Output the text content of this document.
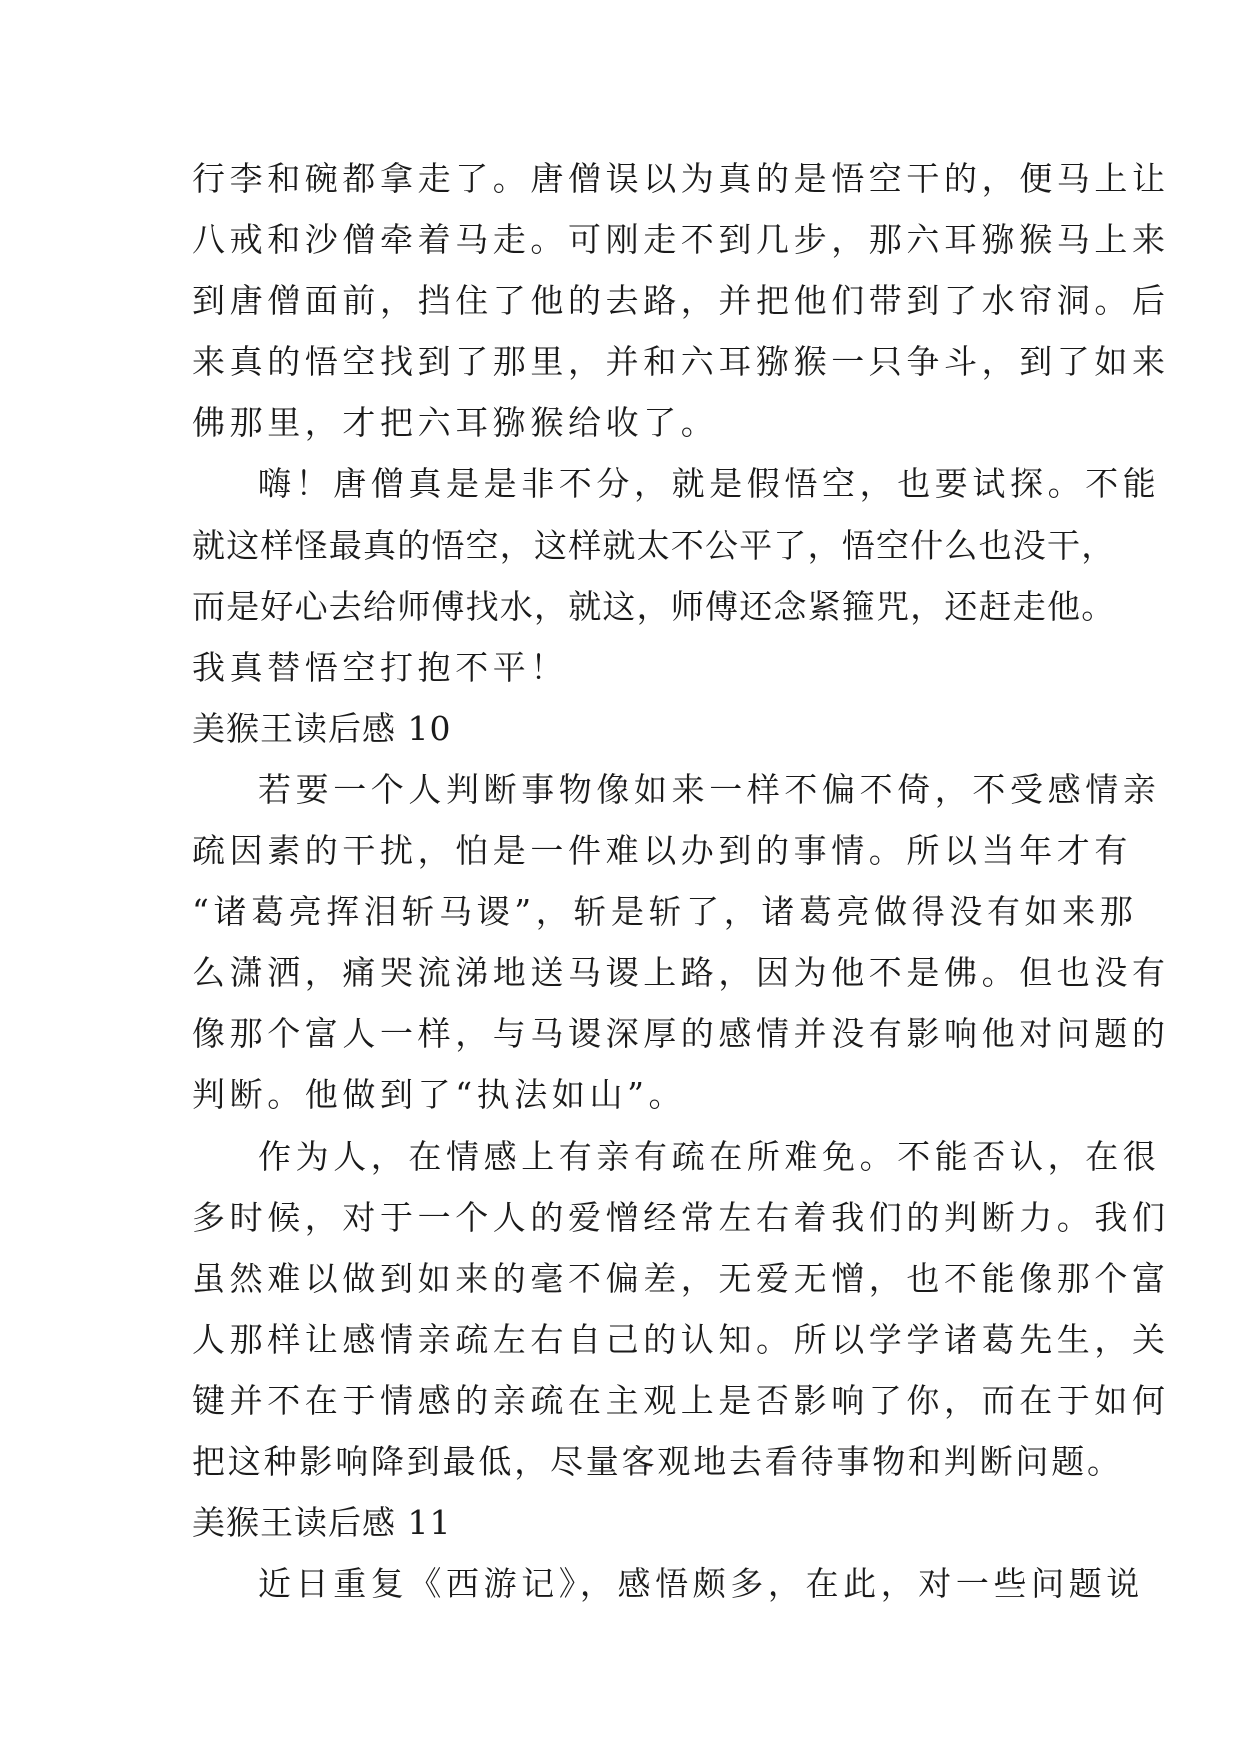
行李和碗都拿走了。唐僧误以为真的是悟空干的，便马上让
八戒和沙僧牵着马走。可刚走不到几步，那六耳猕猴马上来
到唐僧面前，挡住了他的去路，并把他们带到了水帘洞。后
来真的悟空找到了那里，并和六耳猕猴一只争斗，到了如来
佛那里，才把六耳猕猴给收了。
嗨！唐僧真是是非不分，就是假悟空，也要试探。不能
就这样怪最真的悟空，这样就太不公平了，悟空什么也没干，
而是好心去给师傅找水，就这，师傅还念紧箍咒，还赶走他。
我真替悟空打抱不平！
美猴王读后感 10
若要一个人判断事物像如来一样不偏不倚，不受感情亲
疏因素的干扰，怕是一件难以办到的事情。所以当年才有
“诸葛亮挥泪斩马谡”，斩是斩了，诸葛亮做得没有如来那
么潇洒，痛哭流涕地送马谡上路，因为他不是佛。但也没有
像那个富人一样，与马谡深厚的感情并没有影响他对问题的
判断。他做到了“执法如山”。
作为人，在情感上有亲有疏在所难免。不能否认，在很
多时候，对于一个人的爱憎经常左右着我们的判断力。我们
虽然难以做到如来的毫不偏差，无爱无憎，也不能像那个富
人那样让感情亲疏左右自己的认知。所以学学诸葛先生，关
键并不在于情感的亲疏在主观上是否影响了你，而在于如何
把这种影响降到最低，尽量客观地去看待事物和判断问题。
美猴王读后感 11
近日重复《西游记》，感悟颇多，在此，对一些问题说
